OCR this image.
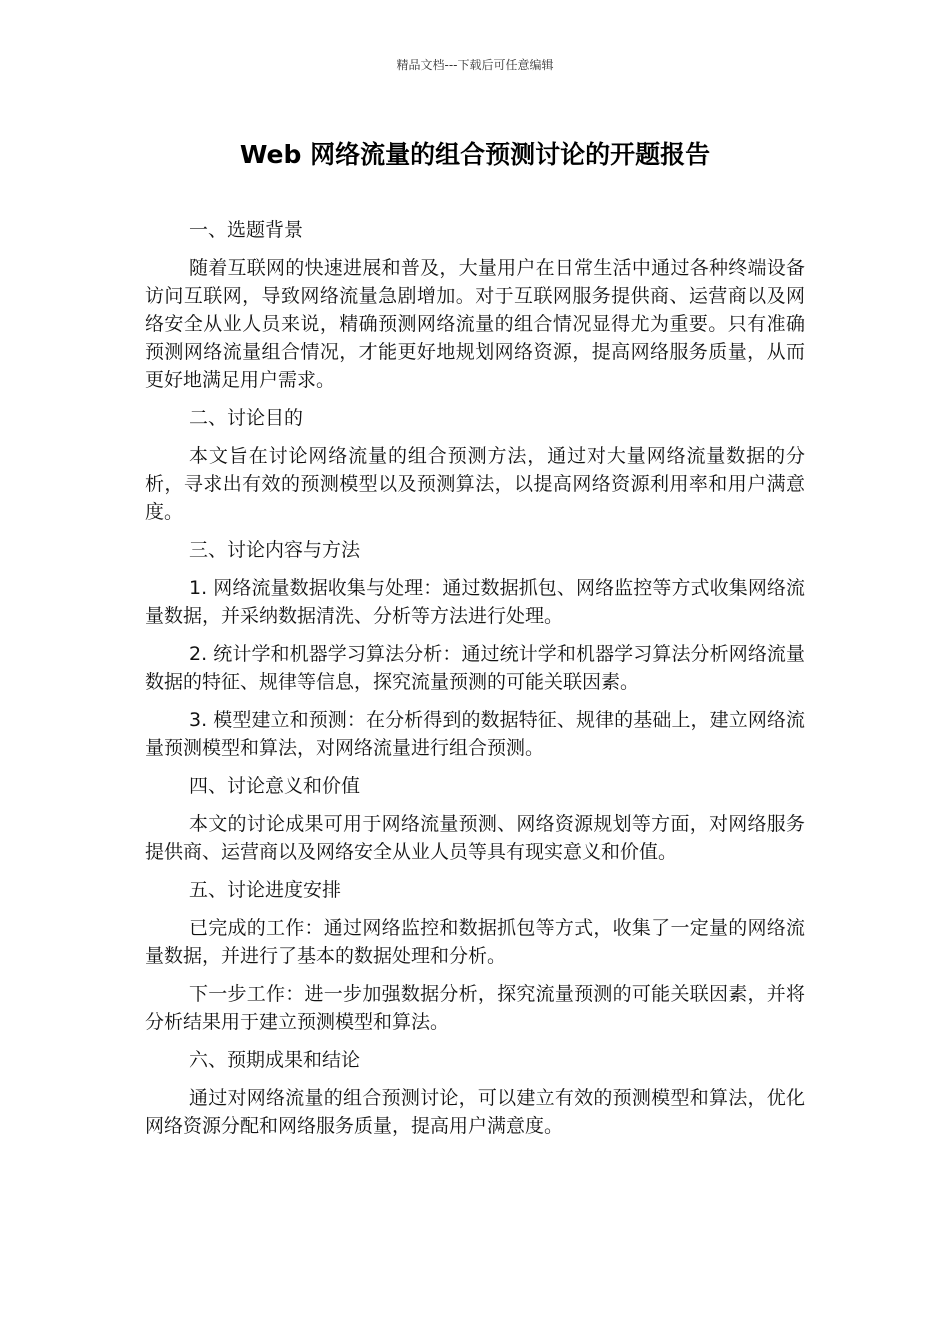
精品文档---下载后可任意编辑
Web 网络流量的组合预测讨论的开题报告

一、选题背景

随着互联网的快速进展和普及，大量用户在日常生活中通过各种终端设备访问互联网，导致网络流量急剧增加。对于互联网服务提供商、运营商以及网络安全从业人员来说，精确预测网络流量的组合情况显得尤为重要。只有准确预测网络流量组合情况，才能更好地规划网络资源，提高网络服务质量，从而更好地满足用户需求。

二、讨论目的

本文旨在讨论网络流量的组合预测方法，通过对大量网络流量数据的分析，寻求出有效的预测模型以及预测算法，以提高网络资源利用率和用户满意度。

三、讨论内容与方法

1. 网络流量数据收集与处理：通过数据抓包、网络监控等方式收集网络流量数据，并采纳数据清洗、分析等方法进行处理。

2. 统计学和机器学习算法分析：通过统计学和机器学习算法分析网络流量数据的特征、规律等信息，探究流量预测的可能关联因素。

3. 模型建立和预测：在分析得到的数据特征、规律的基础上，建立网络流量预测模型和算法，对网络流量进行组合预测。

四、讨论意义和价值

本文的讨论成果可用于网络流量预测、网络资源规划等方面，对网络服务提供商、运营商以及网络安全从业人员等具有现实意义和价值。

五、讨论进度安排

已完成的工作：通过网络监控和数据抓包等方式，收集了一定量的网络流量数据，并进行了基本的数据处理和分析。

下一步工作：进一步加强数据分析，探究流量预测的可能关联因素，并将分析结果用于建立预测模型和算法。

六、预期成果和结论

通过对网络流量的组合预测讨论，可以建立有效的预测模型和算法，优化网络资源分配和网络服务质量，提高用户满意度。
